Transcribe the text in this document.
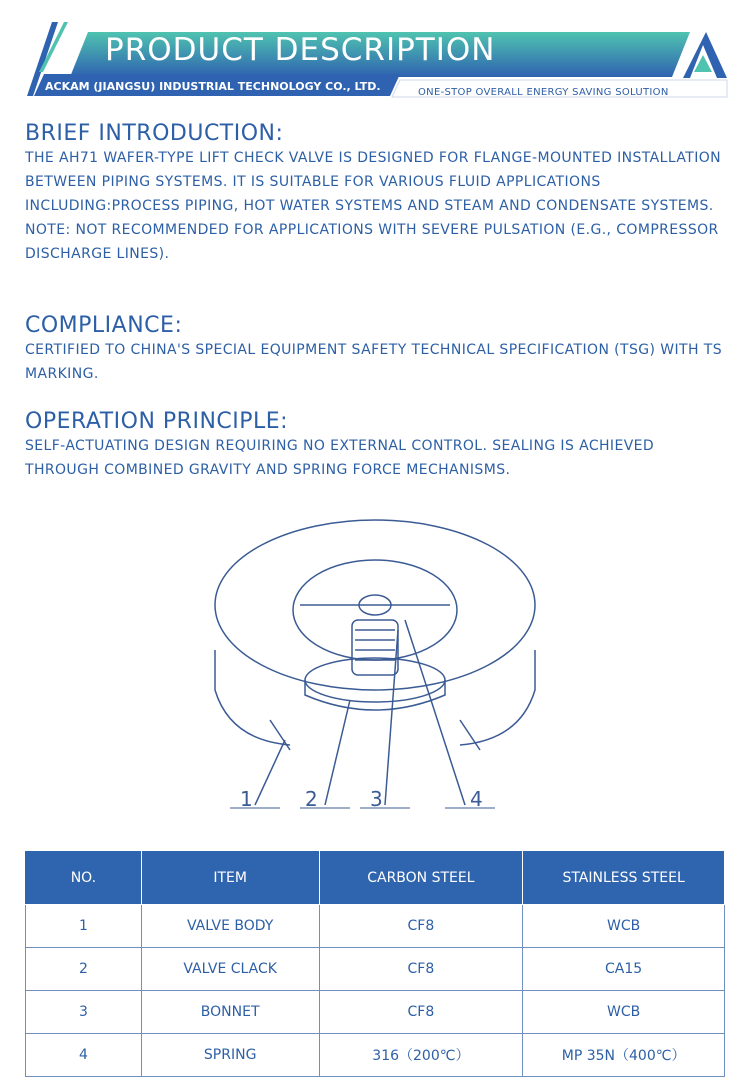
PRODUCT DESCRIPTION
ACKAM (JIANGSU) INDUSTRIAL TECHNOLOGY CO., LTD.	ONE-STOP OVERALL ENERGY SAVING SOLUTION
BRIEF INTRODUCTION:

THE AH71 WAFER-TYPE LIFT CHECK VALVE IS DESIGNED FOR FLANGE-MOUNTED INSTALLATION BETWEEN PIPING SYSTEMS. IT IS SUITABLE FOR VARIOUS FLUID APPLICATIONS INCLUDING:PROCESS PIPING, HOT WATER SYSTEMS AND STEAM AND CONDENSATE SYSTEMS.

NOTE: NOT RECOMMENDED FOR APPLICATIONS WITH SEVERE PULSATION (E.G., COMPRESSOR DISCHARGE LINES).

COMPLIANCE:

CERTIFIED TO CHINA'S SPECIAL EQUIPMENT SAFETY TECHNICAL SPECIFICATION (TSG) WITH TS MARKING.

OPERATION PRINCIPLE:

SELF-ACTUATING DESIGN REQUIRING NO EXTERNAL CONTROL. SEALING IS ACHIEVED THROUGH COMBINED GRAVITY AND SPRING FORCE MECHANISMS.

1	2	3	4
NO.	ITEM	CARBON STEEL	STAINLESS STEEL
1	VALVE BODY	CF8	WCB
2	VALVE CLACK	CF8	CA15
3	BONNET	CF8	WCB
4	SPRING	316（200℃）	MP 35N（400℃）
